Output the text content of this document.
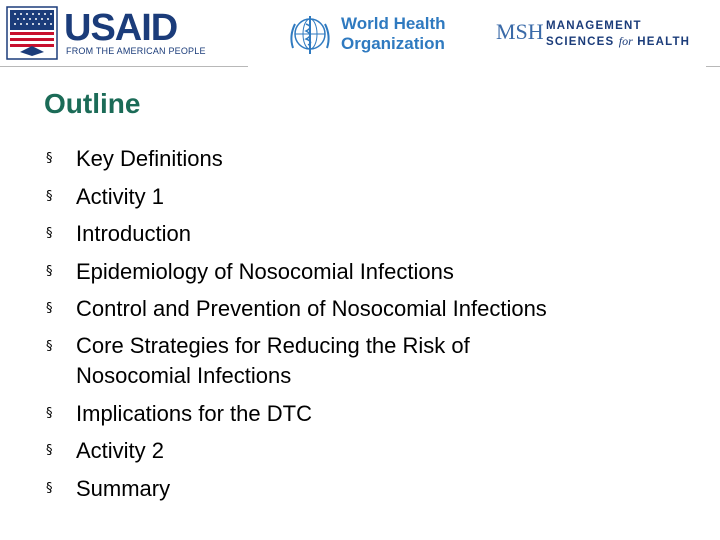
USAID
FROM THE AMERICAN PEOPLE
World Health
Organization MSH MANAGEMENT
SCIENCES for HEALTH
Outline
§ Key Definitions
§ Activity 1
§ Introduction
§ Epidemiology of Nosocomial Infections
§ Control and Prevention of Nosocomial Infections
§ Core Strategies for Reducing the Risk of
Nosocomial Infections
§ Implications for the DTC
§ Activity 2
§ Summary
